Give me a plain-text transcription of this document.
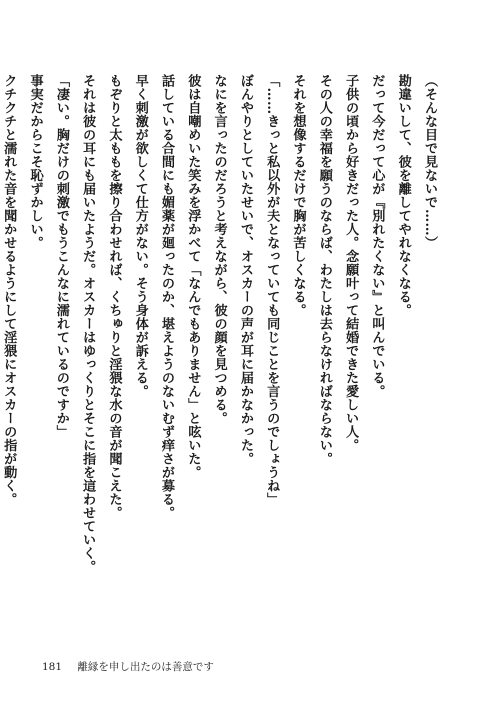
（そんな目で見ないで……）
勘違いして、彼を離してやれなくなる。
だって今だって心が『別れたくない』と叫んでいる。
子供の頃から好きだった人。念願叶って結婚できた愛しい人。
その人の幸福を願うのならば、わたしは去らなければならない。
それを想像するだけで胸が苦しくなる。
「……きっと私以外が夫となっていても同じことを言うのでしょうね」
ぼんやりとしていたせいで、オスカーの声が耳に届かなかった。
なにを言ったのだろうと考えながら、彼の顔を見つめる。
彼は自嘲めいた笑みを浮かべて「なんでもありません」と呟いた。
話している合間にも媚薬が廻ったのか、堪えようのないむず痒さが募る。
早く刺激が欲しくて仕方がない。そう身体が訴える。
もぞりと太ももを擦り合わせれば、くちゅりと淫猥な水の音が聞こえた。
それは彼の耳にも届いたようだ。オスカーはゆっくりとそこに指を這わせていく。
「凄い。胸だけの刺激でもうこんなに濡れているのですか」
事実だからこそ恥ずかしい。
クチクチと濡れた音を聞かせるようにして淫猥にオスカーの指が動く。
181 離縁を申し出たのは善意です
